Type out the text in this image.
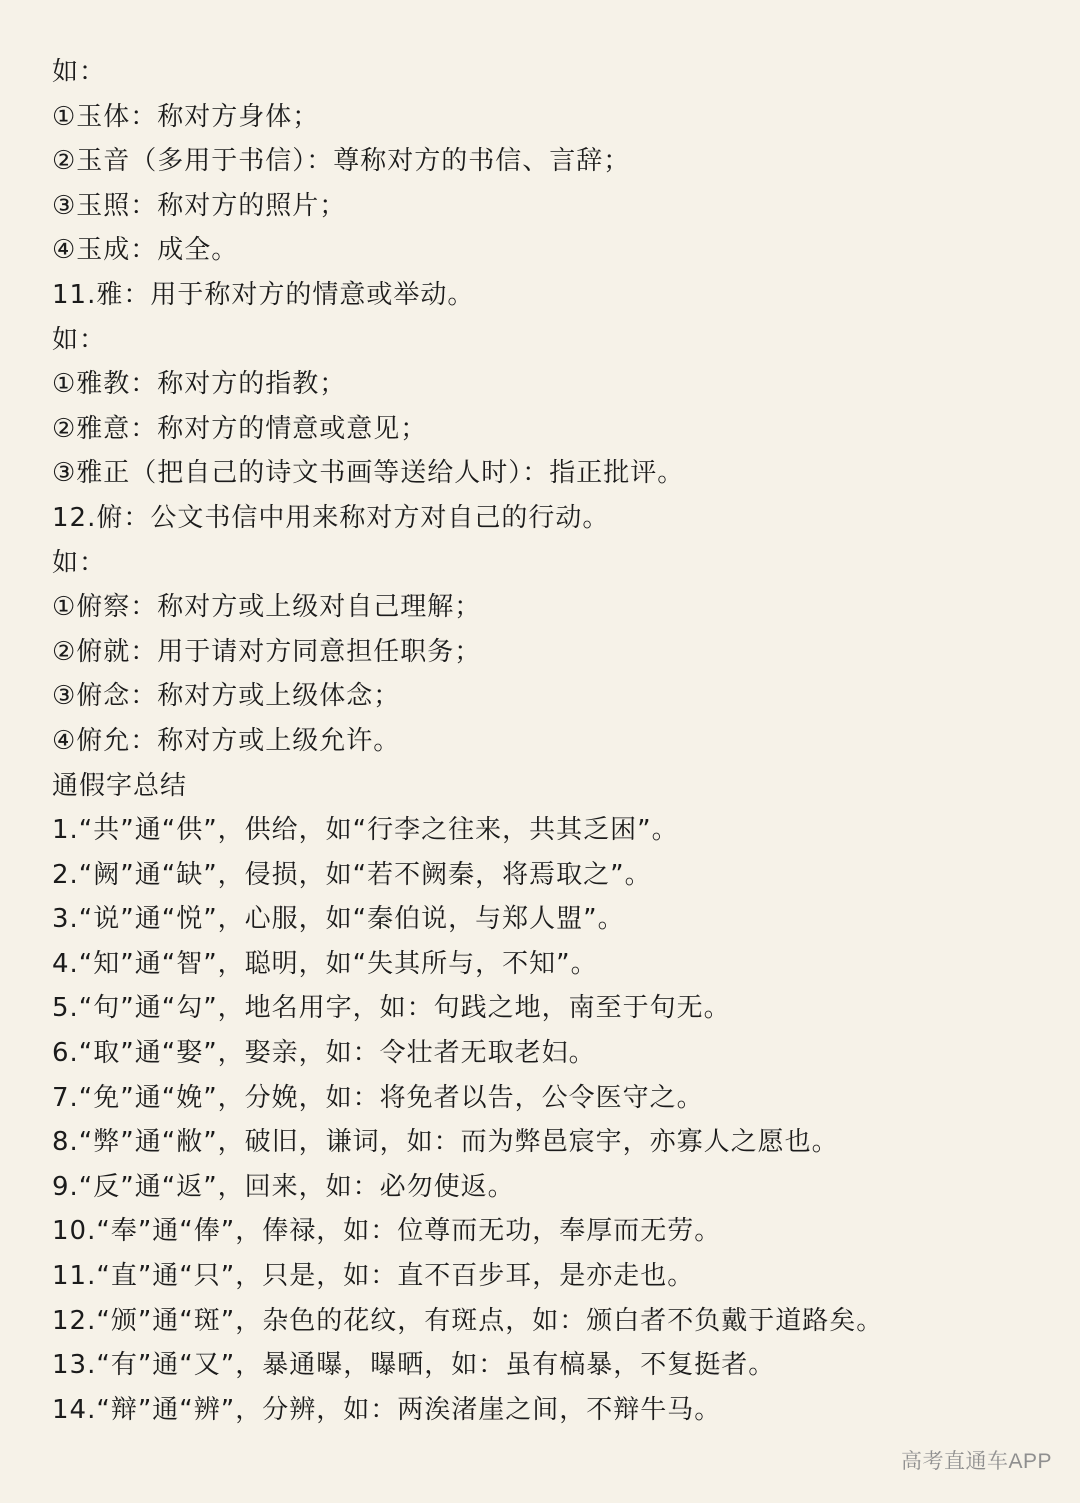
如：
①玉体：称对方身体；
②玉音（多用于书信）：尊称对方的书信、言辞；
③玉照：称对方的照片；
④玉成：成全。
11.雅：用于称对方的情意或举动。
如：
①雅教：称对方的指教；
②雅意：称对方的情意或意见；
③雅正（把自己的诗文书画等送给人时）：指正批评。
12.俯：公文书信中用来称对方对自己的行动。
如：
①俯察：称对方或上级对自己理解；
②俯就：用于请对方同意担任职务；
③俯念：称对方或上级体念；
④俯允：称对方或上级允许。
通假字总结
1.“共”通“供”，供给，如“行李之往来，共其乏困”。
2.“阙”通“缺”，侵损，如“若不阙秦，将焉取之”。
3.“说”通“悦”，心服，如“秦伯说，与郑人盟”。
4.“知”通“智”，聪明，如“失其所与，不知”。
5.“句”通“勾”，地名用字，如：句践之地，南至于句无。
6.“取”通“娶”，娶亲，如：令壮者无取老妇。
7.“免”通“娩”，分娩，如：将免者以告，公令医守之。
8.“弊”通“敝”，破旧，谦词，如：而为弊邑宸宇，亦寡人之愿也。
9.“反”通“返”，回来，如：必勿使返。
10.“奉”通“俸”，俸禄，如：位尊而无功，奉厚而无劳。
11.“直”通“只”，只是，如：直不百步耳，是亦走也。
12.“颁”通“斑”，杂色的花纹，有斑点，如：颁白者不负戴于道路矣。
13.“有”通“又”，暴通曝，曝晒，如：虽有槁暴，不复挺者。
14.“辩”通“辨”，分辨，如：两涘渚崖之间，不辩牛马。
高考直通车APP
